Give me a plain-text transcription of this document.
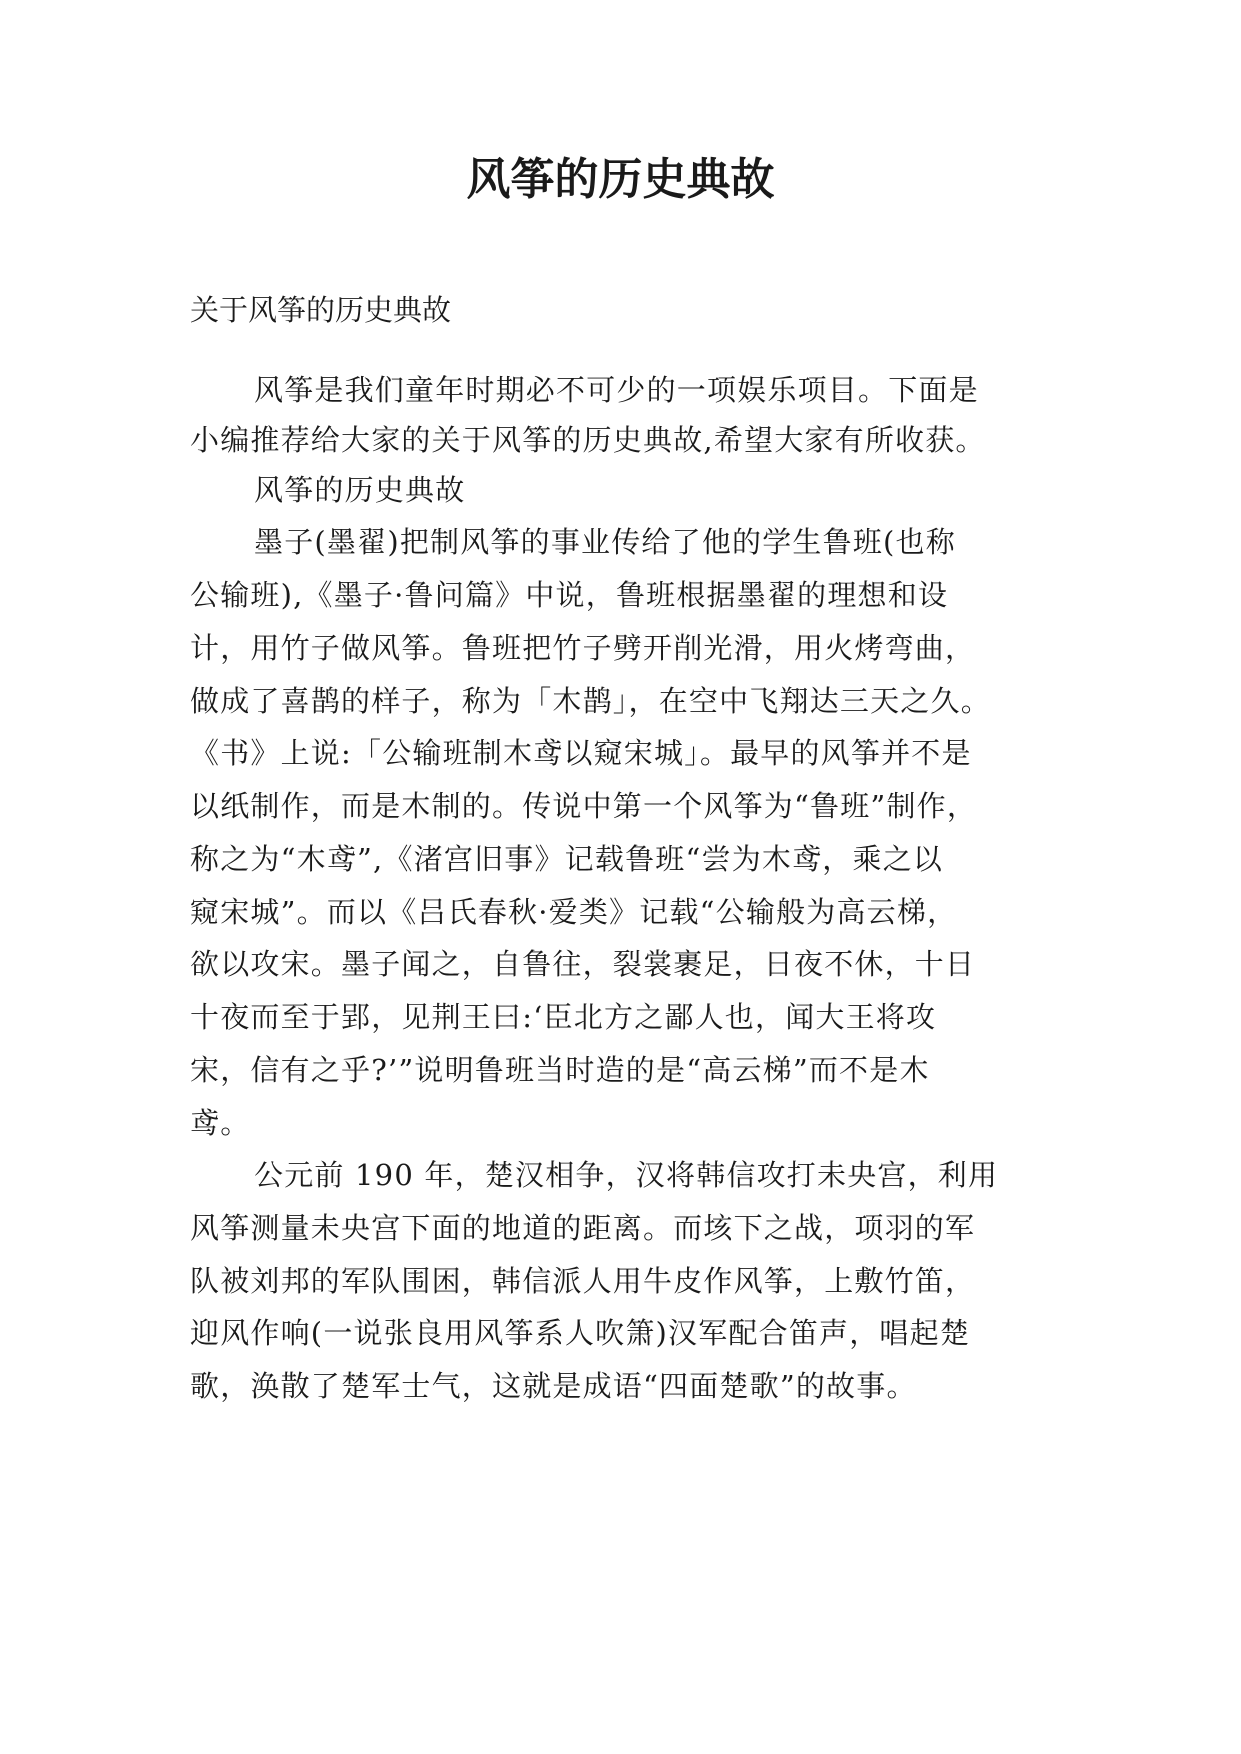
风筝的历史典故
关于风筝的历史典故
风筝是我们童年时期必不可少的一项娱乐项目。下面是
小编推荐给大家的关于风筝的历史典故,希望大家有所收获。
风筝的历史典故
墨子(墨翟)把制风筝的事业传给了他的学生鲁班(也称
公输班),《墨子·鲁问篇》中说，鲁班根据墨翟的理想和设
计，用竹子做风筝。鲁班把竹子劈开削光滑，用火烤弯曲，
做成了喜鹊的样子，称为「木鹊」，在空中飞翔达三天之久。
《书》上说:「公输班制木鸢以窥宋城」。最早的风筝并不是
以纸制作，而是木制的。传说中第一个风筝为“鲁班”制作，
称之为“木鸢”,《渚宫旧事》记载鲁班“尝为木鸢，乘之以
窥宋城”。而以《吕氏春秋·爱类》记载“公输般为高云梯，
欲以攻宋。墨子闻之，自鲁往，裂裳裹足，日夜不休，十日
十夜而至于郢，见荆王曰:‘臣北方之鄙人也，闻大王将攻
宋，信有之乎?’”说明鲁班当时造的是“高云梯”而不是木
鸢。
公元前 190 年，楚汉相争，汉将韩信攻打未央宫，利用
风筝测量未央宫下面的地道的距离。而垓下之战，项羽的军
队被刘邦的军队围困，韩信派人用牛皮作风筝，上敷竹笛，
迎风作响(一说张良用风筝系人吹箫)汉军配合笛声，唱起楚
歌，涣散了楚军士气，这就是成语“四面楚歌”的故事。
